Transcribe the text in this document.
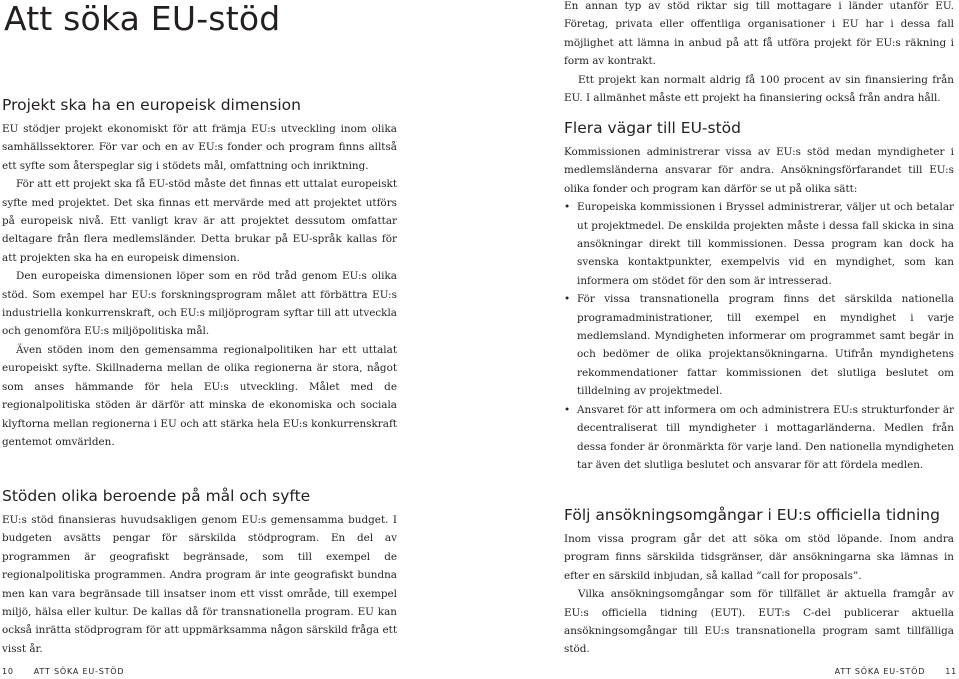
Att söka EU-stöd
Projekt ska ha en europeisk dimension

EU stödjer projekt ekonomiskt för att främja EU:s utveckling inom olika samhällssektorer. För var och en av EU:s fonder och program finns alltså ett syfte som återspeglar sig i stödets mål, omfattning och inriktning.

För att ett projekt ska få EU-stöd måste det finnas ett uttalat europeiskt syfte med projektet. Det ska finnas ett mervärde med att projektet utförs på europeisk nivå. Ett vanligt krav är att projektet dessutom omfattar deltagare från flera medlemsländer. Detta brukar på EU-språk kallas för att projekten ska ha en europeisk dimension.

Den europeiska dimensionen löper som en röd tråd genom EU:s olika stöd. Som exempel har EU:s forskningsprogram målet att förbättra EU:s industriella konkurrenskraft, och EU:s miljöprogram syftar till att utveckla och genomföra EU:s miljöpolitiska mål.

Även stöden inom den gemensamma regionalpolitiken har ett uttalat europeiskt syfte. Skillnaderna mellan de olika regionerna är stora, något som anses hämmande för hela EU:s utveckling. Målet med de regionalpolitiska stöden är därför att minska de ekonomiska och sociala klyftorna mellan regionerna i EU och att stärka hela EU:s konkurrenskraft gentemot omvärlden.

Stöden olika beroende på mål och syfte

EU:s stöd finansieras huvudsakligen genom EU:s gemensamma budget. I budgeten avsätts pengar för särskilda stödprogram. En del av programmen är geografiskt begränsade, som till exempel de regionalpolitiska programmen. Andra program är inte geografiskt bundna men kan vara begränsade till insatser inom ett visst område, till exempel miljö, hälsa eller kultur. De kallas då för transnationella program. EU kan också inrätta stödprogram för att uppmärksamma någon särskild fråga ett visst år.

10	ATT SÖKA EU-STÖD

En annan typ av stöd riktar sig till mottagare i länder utanför EU. Företag, privata eller offentliga organisationer i EU har i dessa fall möjlighet att lämna in anbud på att få utföra projekt för EU:s räkning i form av kontrakt.

Ett projekt kan normalt aldrig få 100 procent av sin finansiering från EU. I allmänhet måste ett projekt ha finansiering också från andra håll.

Flera vägar till EU-stöd

Kommissionen administrerar vissa av EU:s stöd medan myndigheter i medlemsländerna ansvarar för andra. Ansökningsförfarandet till EU:s olika fonder och program kan därför se ut på olika sätt:

• Europeiska kommissionen i Bryssel administrerar, väljer ut och betalar ut projektmedel. De enskilda projekten måste i dessa fall skicka in sina ansökningar direkt till kommissionen. Dessa program kan dock ha svenska kontaktpunkter, exempelvis vid en myndighet, som kan informera om stödet för den som är intresserad.
• För vissa transnationella program finns det särskilda nationella programadministrationer, till exempel en myndighet i varje medlemsland. Myndigheten informerar om programmet samt begär in och bedömer de olika projektansökningarna. Utifrån myndighetens rekommendationer fattar kommissionen det slutliga beslutet om tilldelning av projektmedel.
• Ansvaret för att informera om och administrera EU:s strukturfonder är decentraliserat till myndigheter i mottagarländerna. Medlen från dessa fonder är öronmärkta för varje land. Den nationella myndigheten tar även det slutliga beslutet och ansvarar för att fördela medlen.
Följ ansökningsomgångar i EU:s officiella tidning

Inom vissa program går det att söka om stöd löpande. Inom andra program finns särskilda tidsgränser, där ansökningarna ska lämnas in efter en särskild inbjudan, så kallad ”call for proposals”.

Vilka ansökningsomgångar som för tillfället är aktuella framgår av EU:s officiella tidning (EUT). EUT:s C-del publicerar aktuella ansökningsomgångar till EU:s transnationella program samt tillfälliga stöd.

ATT SÖKA EU-STÖD	11
